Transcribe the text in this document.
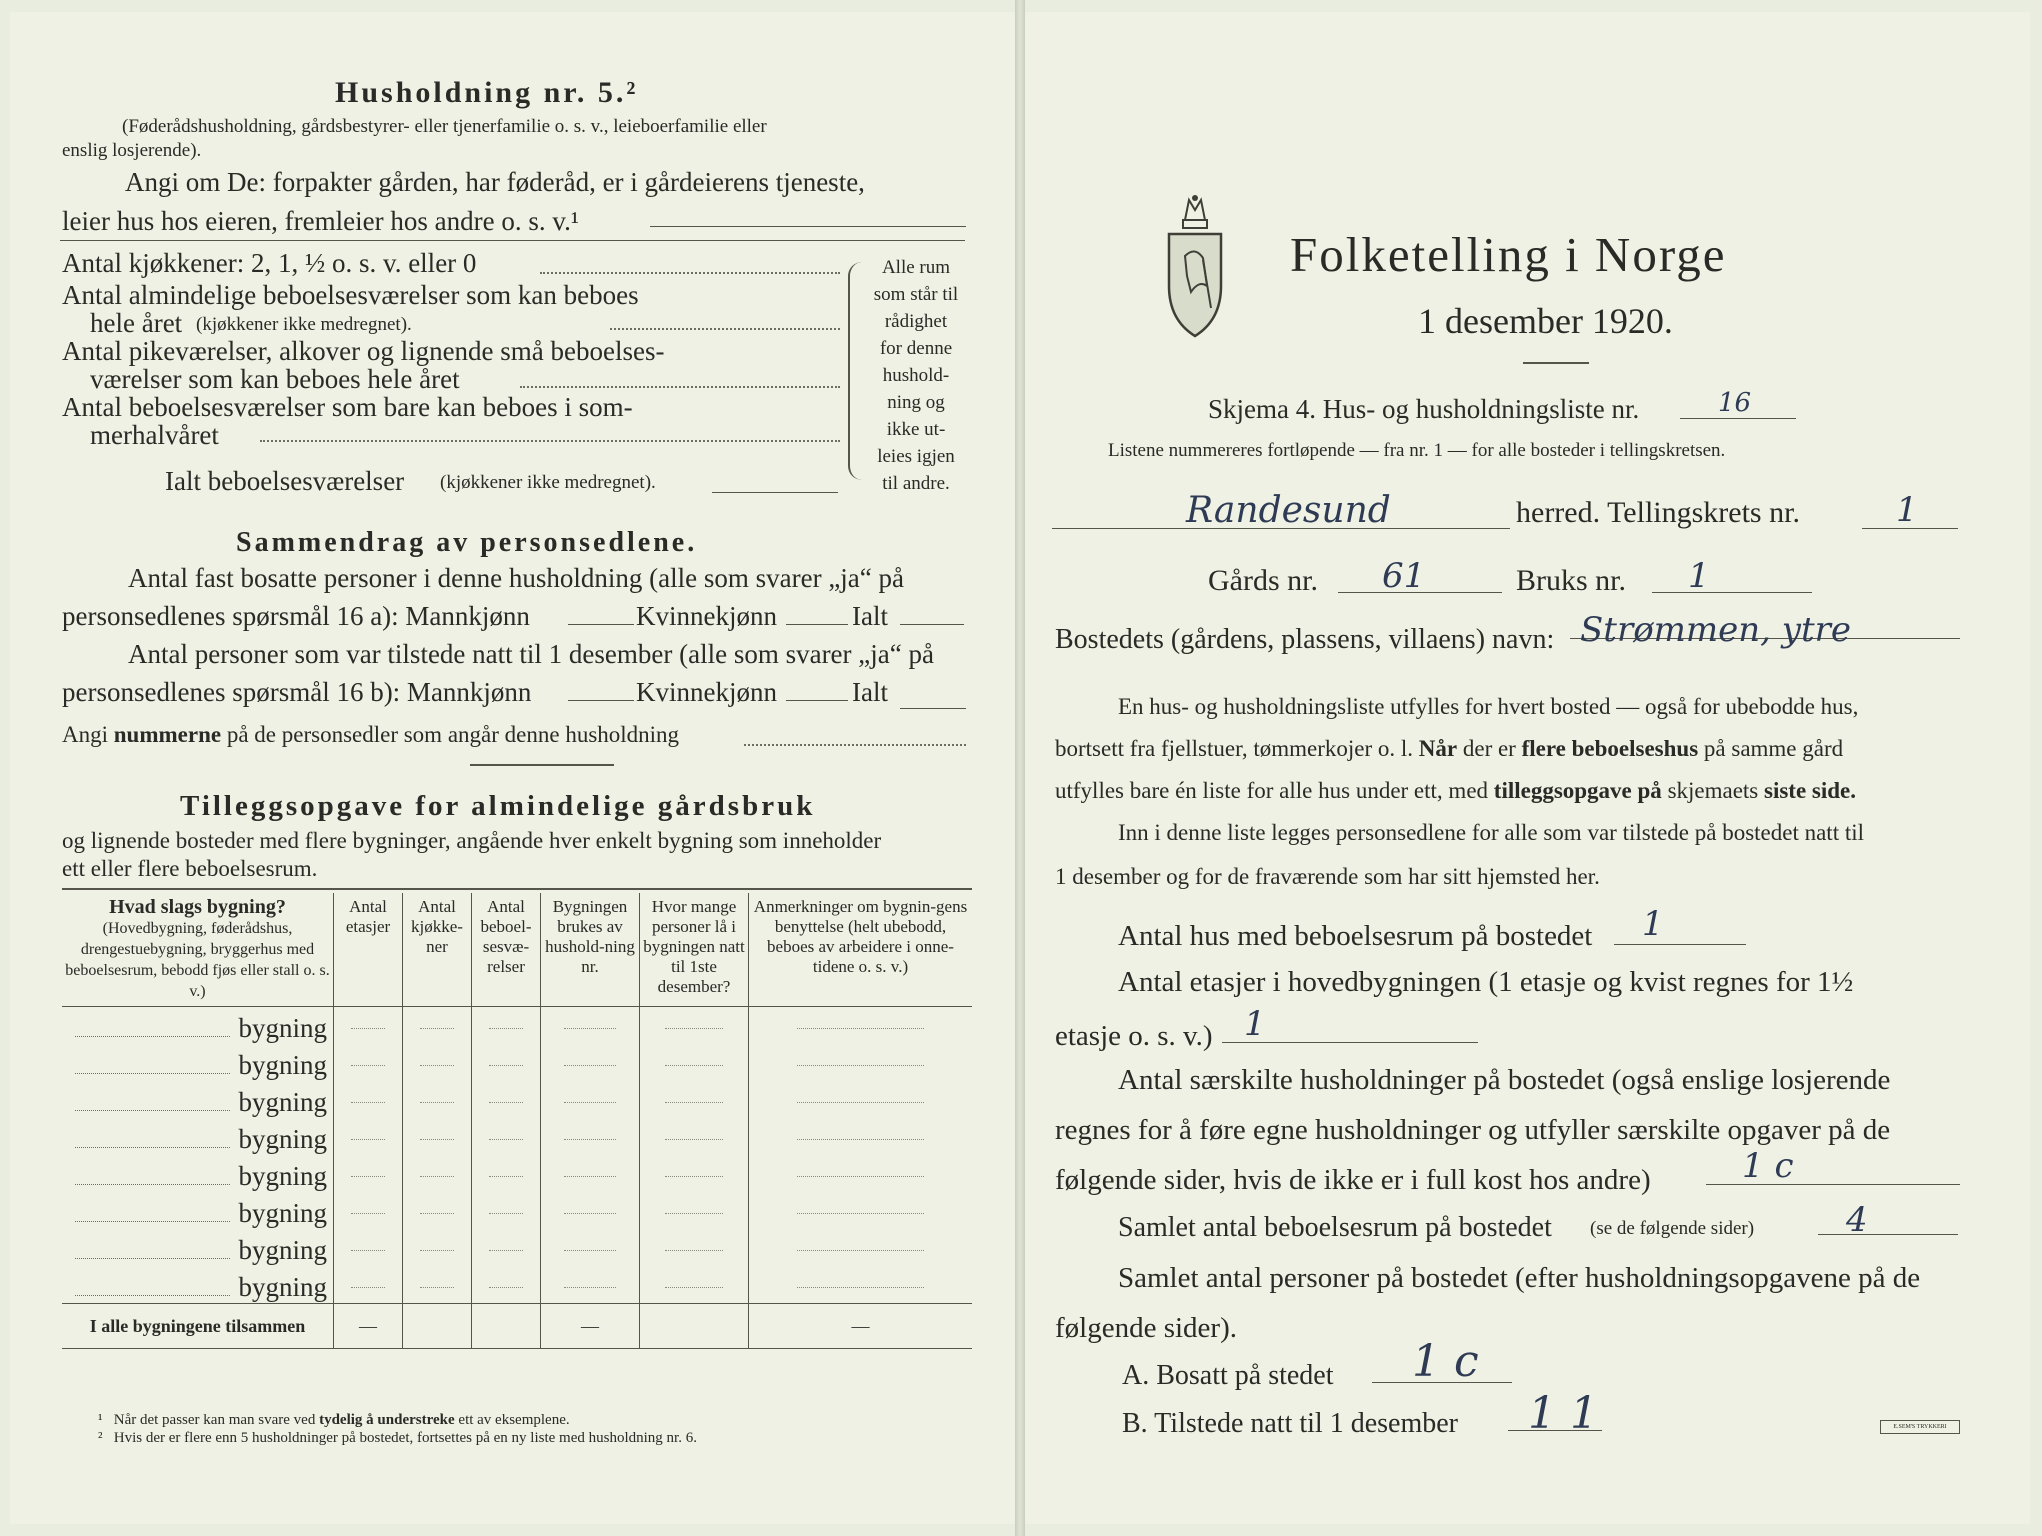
Husholdning nr. 5.²
(Føderådshusholdning, gårdsbestyrer- eller tjenerfamilie o. s. v., leieboerfamilie eller
enslig losjerende).
Angi om De: forpakter gården, har føderåd, er i gårdeierens tjeneste,
leier hus hos eieren, fremleier hos andre o. s. v.¹
Antal kjøkkener: 2, 1, ½ o. s. v. eller 0
Antal almindelige beboelsesværelser som kan beboes
hele året (kjøkkener ikke medregnet).
Antal pikeværelser, alkover og lignende små beboelses-
værelser som kan beboes hele året
Antal beboelsesværelser som bare kan beboes i som-
merhalvåret
Ialt beboelsesværelser (kjøkkener ikke medregnet).
Alle rum
som står til
rådighet
for denne
hushold-
ning og
ikke ut-
leies igjen
til andre.
Sammendrag av personsedlene.
Antal fast bosatte personer i denne husholdning (alle som svarer „ja“ på
personsedlenes spørsmål 16 a): Mannkjønn	Kvinnekjønn	Ialt
Antal personer som var tilstede natt til 1 desember (alle som svarer „ja“ på
personsedlenes spørsmål 16 b): Mannkjønn	Kvinnekjønn	Ialt
Angi nummerne på de personsedler som angår denne husholdning
Tilleggsopgave for almindelige gårdsbruk
og lignende bosteder med flere bygninger, angående hver enkelt bygning som inneholder
ett eller flere beboelsesrum.
Hvad slags bygning?
(Hovedbygning, føderådshus, drengestuebygning, bryggerhus med beboelsesrum, bebodd fjøs eller stall o. s. v.)	Antal etasjer	Antal kjøkke-ner	Antal beboel-sesvæ-relser	Bygningen brukes av hushold-ning nr.	Hvor mange personer lå i bygningen natt til 1ste desember?	Anmerkninger om bygnin-gens benyttelse (helt ubebodd, beboes av arbeidere i onne-tidene o. s. v.)
bygning						
bygning						
bygning						
bygning						
bygning						
bygning						
bygning						
bygning						
I alle bygningene tilsammen	—			—		—
¹ Når det passer kan man svare ved tydelig å understreke ett av eksemplene.
² Hvis der er flere enn 5 husholdninger på bostedet, fortsettes på en ny liste med husholdning nr. 6.
Folketelling i Norge
1 desember 1920.
Skjema 4. Hus- og husholdningsliste nr.	16
Listene nummereres fortløpende — fra nr. 1 — for alle bosteder i tellingskretsen.
Randesund	herred. Tellingskrets nr.	1
Gårds nr. 61	Bruks nr. 1
Bostedets (gårdens, plassens, villaens) navn: Strømmen, ytre
En hus- og husholdningsliste utfylles for hvert bosted — også for ubebodde hus,
bortsett fra fjellstuer, tømmerkojer o. l. Når der er flere beboelseshus på samme gård
utfylles bare én liste for alle hus under ett, med tilleggsopgave på skjemaets siste side.
Inn i denne liste legges personsedlene for alle som var tilstede på bostedet natt til
1 desember og for de fraværende som har sitt hjemsted her.
Antal hus med beboelsesrum på bostedet 1
Antal etasjer i hovedbygningen (1 etasje og kvist regnes for 1½
etasje o. s. v.) 1
Antal særskilte husholdninger på bostedet (også enslige losjerende
regnes for å føre egne husholdninger og utfyller særskilte opgaver på de
følgende sider, hvis de ikke er i full kost hos andre)	1 c
Samlet antal beboelsesrum på bostedet (se de følgende sider)	4
Samlet antal personer på bostedet (efter husholdningsopgavene på de
følgende sider).
A. Bosatt på stedet 1 c
B. Tilstede natt til 1 desember 1 1	E.SEM'S TRYKKERI
